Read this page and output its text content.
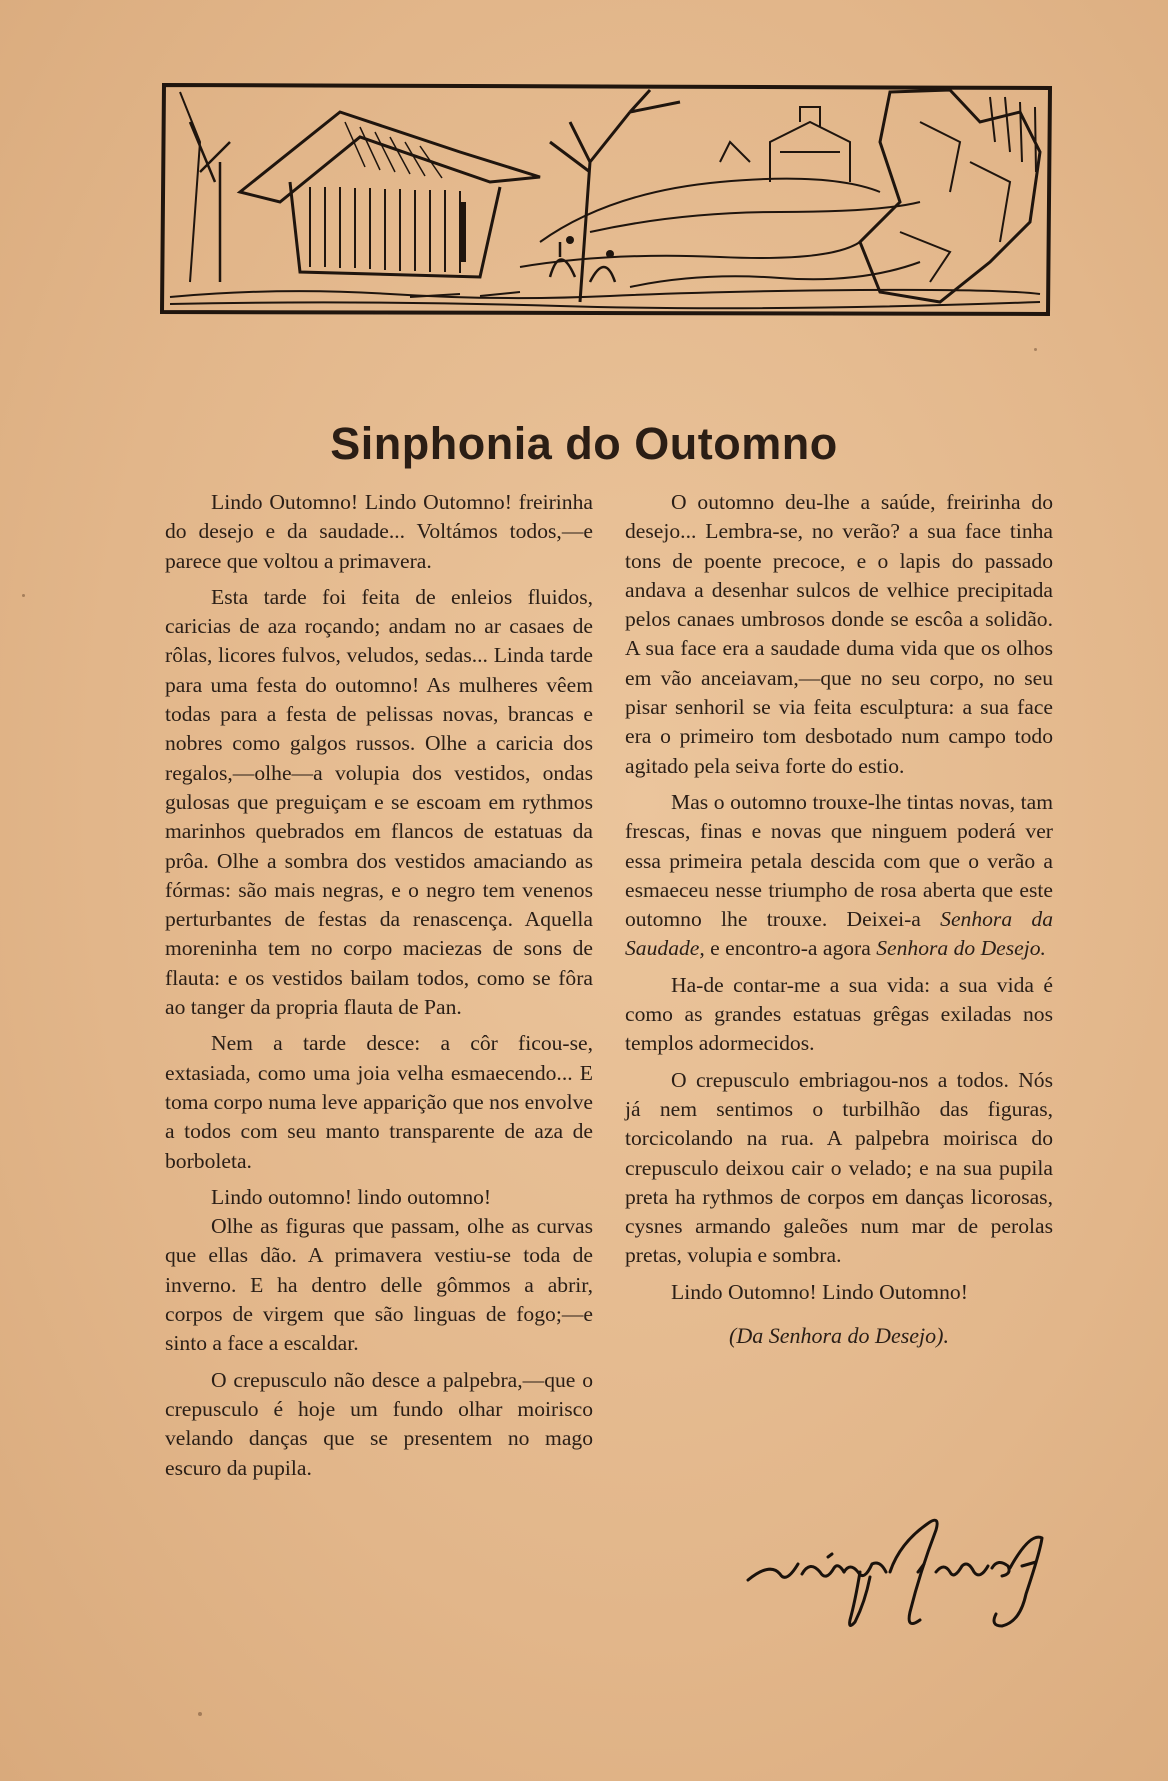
Sinphonia do Outomno

Lindo Outomno! Lindo Outomno! freirinha do desejo e da saudade... Voltámos todos,—e parece que voltou a primavera.

Esta tarde foi feita de enleios fluidos, caricias de aza roçando; andam no ar casaes de rôlas, licores fulvos, veludos, sedas... Linda tarde para uma festa do outomno! As mulheres vêem todas para a festa de pelissas novas, brancas e nobres como galgos russos. Olhe a caricia dos regalos,—olhe—a volupia dos vestidos, ondas gulosas que preguiçam e se escoam em rythmos marinhos quebrados em flancos de estatuas da prôa. Olhe a sombra dos vestidos amaciando as fórmas: são mais negras, e o negro tem venenos perturbantes de festas da renascença. Aquella moreninha tem no corpo maciezas de sons de flauta: e os vestidos bailam todos, como se fôra ao tanger da propria flauta de Pan.

Nem a tarde desce: a côr ficou-se, extasiada, como uma joia velha esmaecendo... E toma corpo numa leve apparição que nos envolve a todos com seu manto transparente de aza de borboleta.

Lindo outomno! lindo outomno!

Olhe as figuras que passam, olhe as curvas que ellas dão. A primavera vestiu-se toda de inverno. E ha dentro delle gômmos a abrir, corpos de virgem que são linguas de fogo;—e sinto a face a escaldar.

O crepusculo não desce a palpebra,—que o crepusculo é hoje um fundo olhar moirisco velando danças que se presentem no mago escuro da pupila.

O outomno deu-lhe a saúde, freirinha do desejo... Lembra-se, no verão? a sua face tinha tons de poente precoce, e o lapis do passado andava a desenhar sulcos de velhice precipitada pelos canaes umbrosos donde se escôa a solidão. A sua face era a saudade duma vida que os olhos em vão anceiavam,—que no seu corpo, no seu pisar senhoril se via feita esculptura: a sua face era o primeiro tom desbotado num campo todo agitado pela seiva forte do estio.

Mas o outomno trouxe-lhe tintas novas, tam frescas, finas e novas que ninguem poderá ver essa primeira petala descida com que o verão a esmaeceu nesse triumpho de rosa aberta que este outomno lhe trouxe. Deixei-a Senhora da Saudade, e encontro-a agora Senhora do Desejo.

Ha-de contar-me a sua vida: a sua vida é como as grandes estatuas grêgas exiladas nos templos adormecidos.

O crepusculo embriagou-nos a todos. Nós já nem sentimos o turbilhão das figuras, torcicolando na rua. A palpebra moirisca do crepusculo deixou cair o velado; e na sua pupila preta ha rythmos de corpos em danças licorosas, cysnes armando galeões num mar de perolas pretas, volupia e sombra.

Lindo Outomno! Lindo Outomno!

(Da Senhora do Desejo).
